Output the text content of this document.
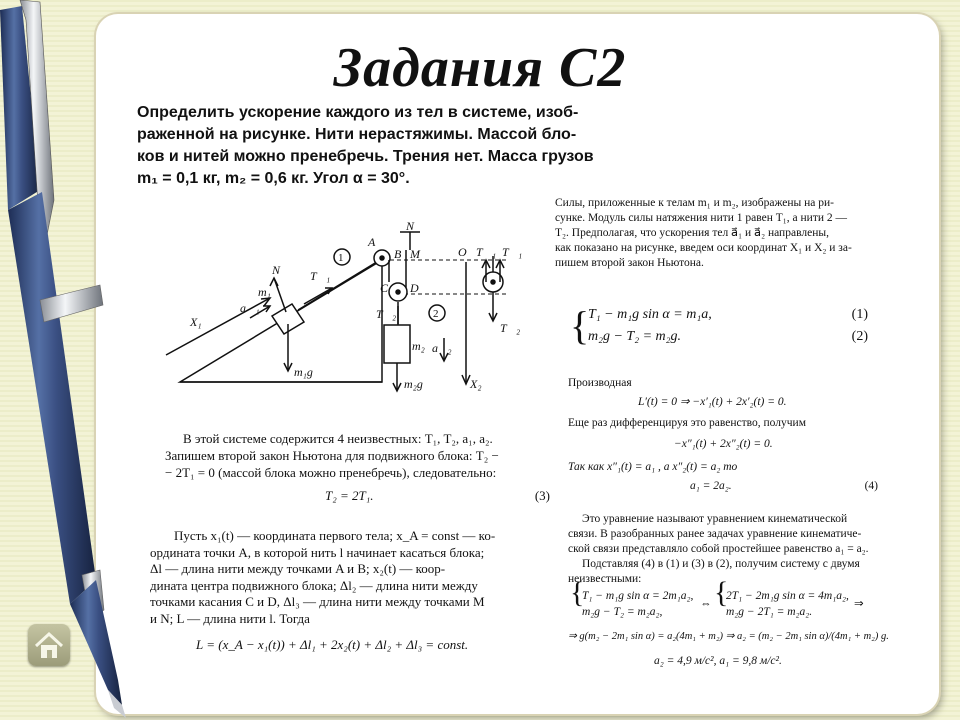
Задания С2
Определить ускорение каждого из тел в системе, изоб-
раженной на рисунке. Нити нерастяжимы. Массой бло-
ков и нитей можно пренебречь. Трения нет. Масса грузов
m₁ = 0,1 кг, m₂ = 0,6 кг. Угол α = 30°.
X₁
a⃗₁
m₁
N⃗ T⃗₁
1
A
B
N
M	O
C D
2
T⃗₂
m₂ a⃗₂
m₁g⃗
m₂g⃗	X₂
T⃗₁ T⃗₁
T⃗₂
Силы, приложенные к телам m₁ и m₂, изображены на ри-
сунке. Модуль силы натяжения нити 1 равен T₁, а нити 2 —
T₂. Предполагая, что ускорения тел a⃗₁ и a⃗₂ направлены,
как показано на рисунке, введем оси координат X₁ и X₂ и за-
пишем второй закон Ньютона.
{
T₁ − m₁g sin α = m₁a,
m₂g − T₂ = m₂g.
(1)
(2)
Производная
L′(t) = 0 ⇒ −x′₁(t) + 2x′₂(t) = 0.
Еще раз дифференцируя это равенство, получим
−x″₁(t) + 2x″₂(t) = 0.
Так как x″₁(t) = a₁ , а x″₂(t) = a₂ то
a₁ = 2a₂.	(4)
Это уравнение называют уравнением кинематической
связи. В разобранных ранее задачах уравнение кинематиче-
ской связи представляло собой простейшее равенство a₁ = a₂.
Подставляя (4) в (1) и (3) в (2), получим систему с двумя
неизвестными:
{
T₁ − m₁g sin α = 2m₁a₂,
m₂g − T₂ = m₂a₂,
⇔ {
2T₁ − 2m₁g sin α = 4m₁a₂,
m₂g − 2T₁ = m₂a₂.
⇒
⇒ g(m₂ − 2m₁ sin α) = a₂(4m₁ + m₂) ⇒ a₂ = (m₂ − 2m₁ sin α)/(4m₁ + m₂) g.
a₂ = 4,9 м/с², a₁ = 9,8 м/с².
В этой системе содержится 4 неизвестных: T₁, T₂, a₁, a₂.
Запишем второй закон Ньютона для подвижного блока: T₂ −
− 2T₁ = 0 (массой блока можно пренебречь), следовательно:
T₂ = 2T₁.	(3)
Пусть x₁(t) — координата первого тела; x_A = const — ко-
ордината точки A, в которой нить l начинает касаться блока;
Δl — длина нити между точками A и B; x₂(t) — коор-
дината центра подвижного блока; Δl₂ — длина нити между
точками касания C и D, Δl₃ — длина нити между точками M
и N; L — длина нити l. Тогда
L = (x_A − x₁(t)) + Δl₁ + 2x₂(t) + Δl₂ + Δl₃ = const.
